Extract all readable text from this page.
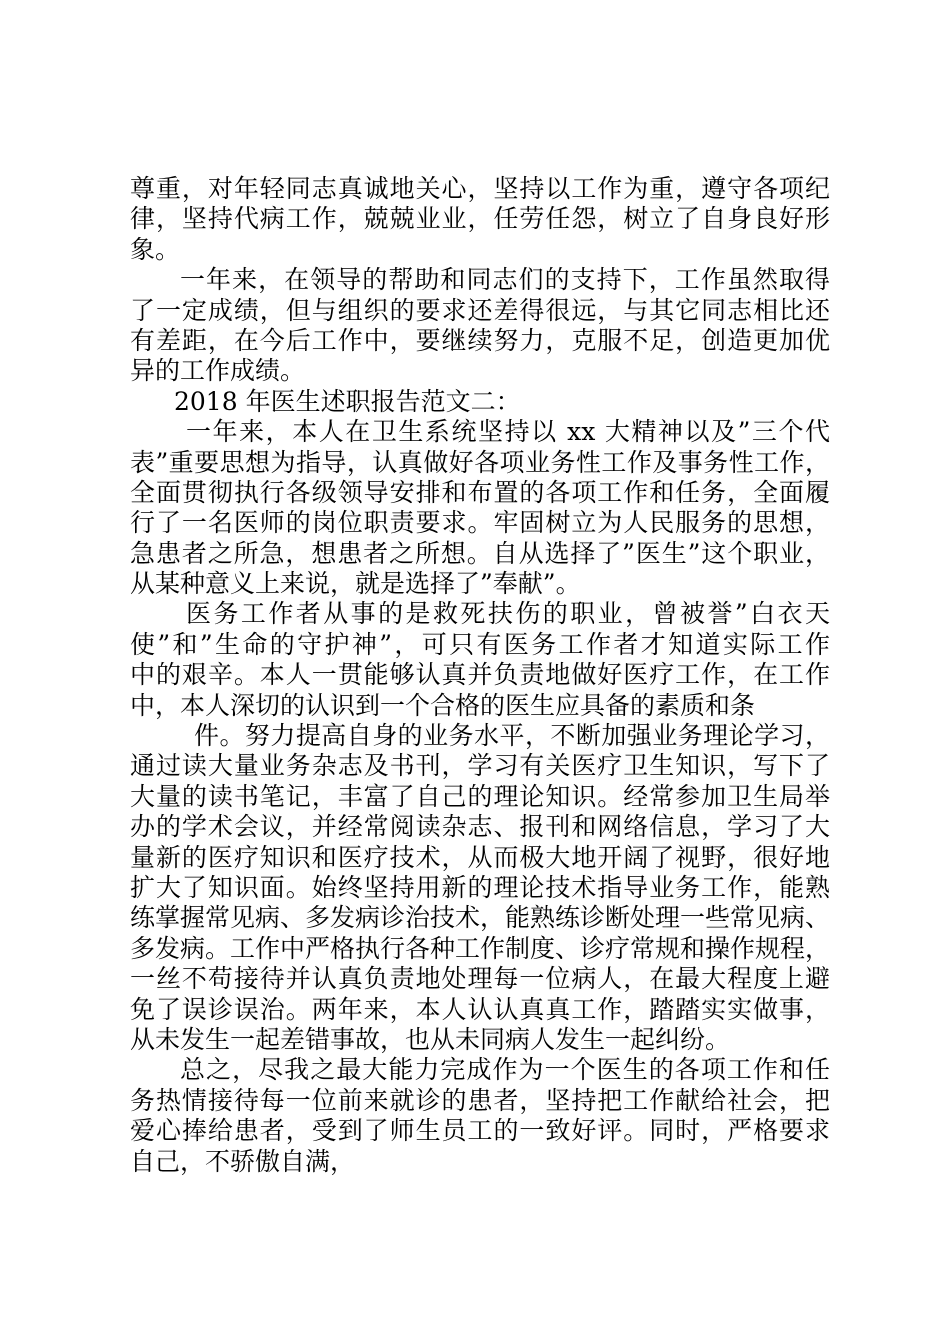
尊重，对年轻同志真诚地关心，坚持以工作为重，遵守各项纪
律，坚持代病工作，兢兢业业，任劳任怨，树立了自身良好形
象。
一年来，在领导的帮助和同志们的支持下，工作虽然取得
了一定成绩，但与组织的要求还差得很远，与其它同志相比还
有差距，在今后工作中，要继续努力，克服不足，创造更加优
异的工作成绩。
2018 年医生述职报告范文二：
一年来，本人在卫生系统坚持以 xx 大精神以及”三个代
表”重要思想为指导，认真做好各项业务性工作及事务性工作，
全面贯彻执行各级领导安排和布置的各项工作和任务，全面履
行了一名医师的岗位职责要求。牢固树立为人民服务的思想，
急患者之所急，想患者之所想。自从选择了”医生”这个职业，
从某种意义上来说，就是选择了”奉献”。
医务工作者从事的是救死扶伤的职业，曾被誉”白衣天
使”和”生命的守护神”，可只有医务工作者才知道实际工作
中的艰辛。本人一贯能够认真并负责地做好医疗工作，在工作
中，本人深切的认识到一个合格的医生应具备的素质和条
件。努力提高自身的业务水平，不断加强业务理论学习，
通过读大量业务杂志及书刊，学习有关医疗卫生知识，写下了
大量的读书笔记，丰富了自己的理论知识。经常参加卫生局举
办的学术会议，并经常阅读杂志、报刊和网络信息，学习了大
量新的医疗知识和医疗技术，从而极大地开阔了视野，很好地
扩大了知识面。始终坚持用新的理论技术指导业务工作，能熟
练掌握常见病、多发病诊治技术，能熟练诊断处理一些常见病、
多发病。工作中严格执行各种工作制度、诊疗常规和操作规程，
一丝不苟接待并认真负责地处理每一位病人，在最大程度上避
免了误诊误治。两年来，本人认认真真工作，踏踏实实做事，
从未发生一起差错事故，也从未同病人发生一起纠纷。
总之，尽我之最大能力完成作为一个医生的各项工作和任
务热情接待每一位前来就诊的患者，坚持把工作献给社会，把
爱心捧给患者，受到了师生员工的一致好评。同时，严格要求
自己，不骄傲自满，
